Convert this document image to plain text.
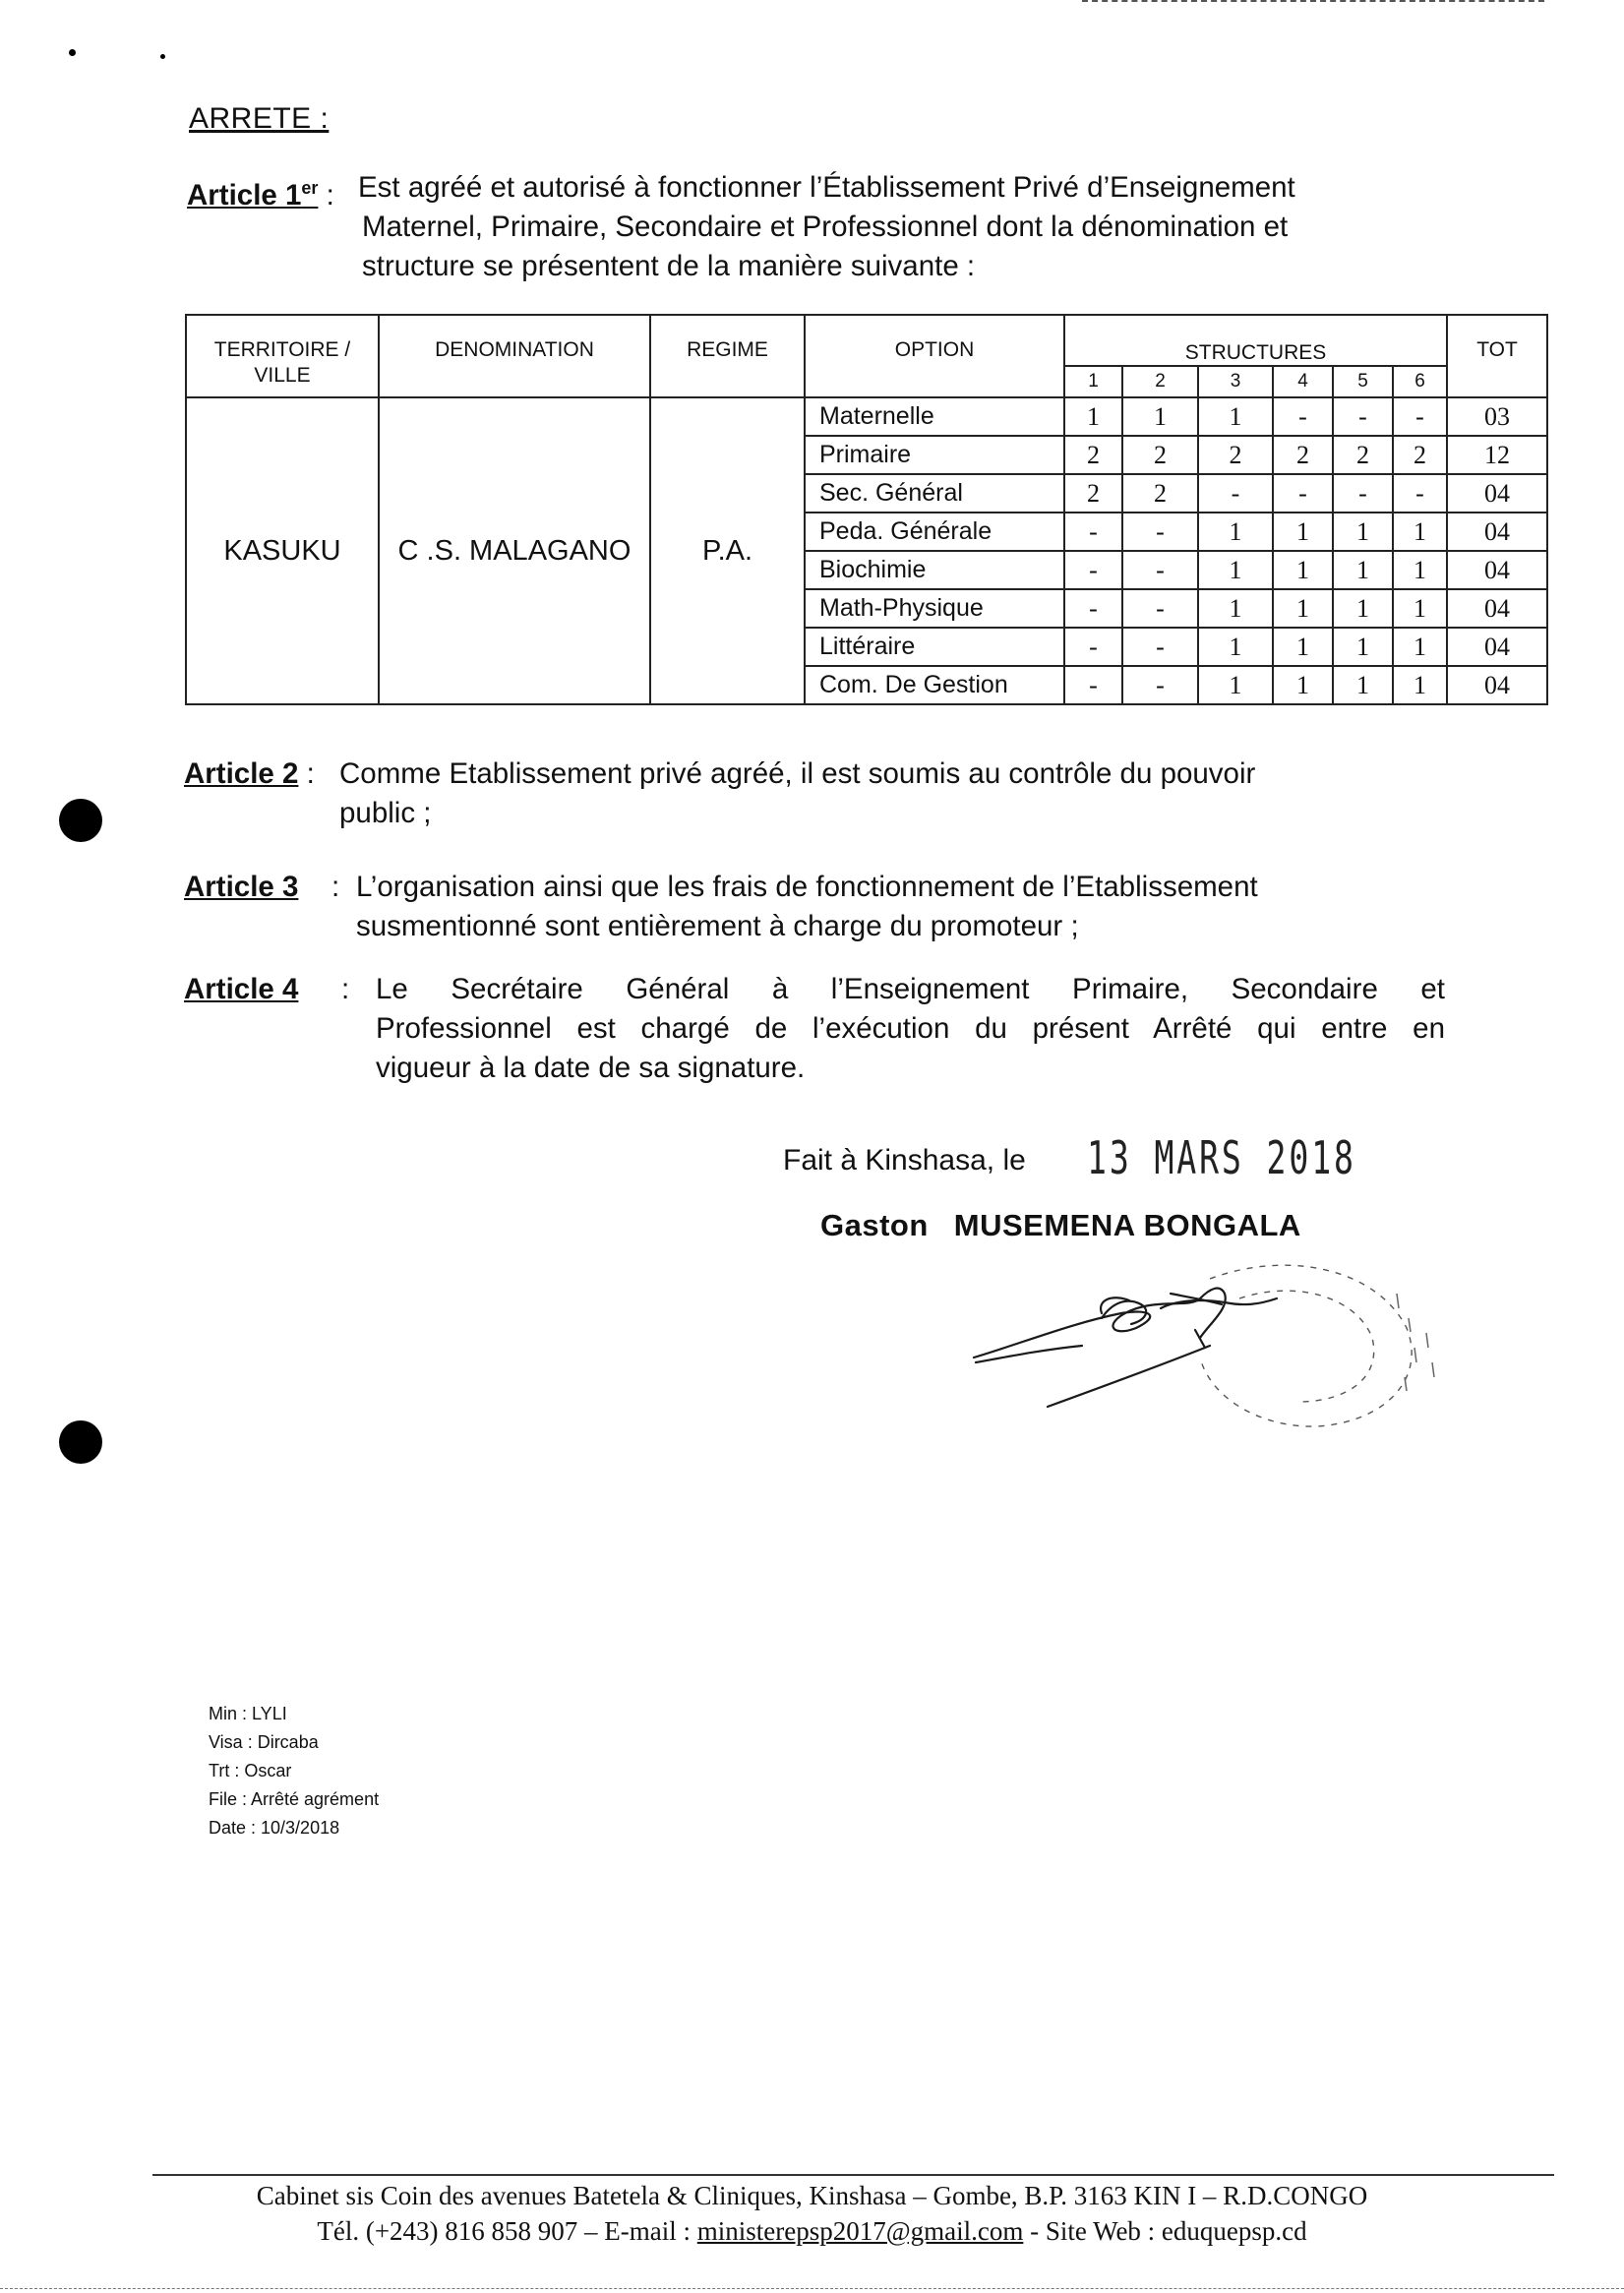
ARRETE :
Article 1er : Est agréé et autorisé à fonctionner l’Établissement Privé d’Enseignement
Maternel, Primaire, Secondaire et Professionnel dont la dénomination et
structure se présentent de la manière suivante :
TERRITOIRE / VILLE	DENOMINATION	REGIME	OPTION	STRUCTURES						TOT
				1	2	3	4	5	6	
KASUKU	C .S. MALAGANO	P.A.	Maternelle	1	1	1	-	-	-	03
			Primaire	2	2	2	2	2	2	12
			Sec. Général	2	2	-	-	-	-	04
			Peda. Générale	-	-	1	1	1	1	04
			Biochimie	-	-	1	1	1	1	04
			Math-Physique	-	-	1	1	1	1	04
			Littéraire	-	-	1	1	1	1	04
			Com. De Gestion	-	-	1	1	1	1	04
Article 2 : Comme Etablissement privé agréé, il est soumis au contrôle du pouvoir
public ;
Article 3 : L’organisation ainsi que les frais de fonctionnement de l’Etablissement
susmentionné sont entièrement à charge du promoteur ;
Article 4 : Le Secrétaire Général à l’Enseignement Primaire, Secondaire et
Professionnel est chargé de l’exécution du présent Arrêté qui entre en
vigueur à la date de sa signature.
Fait à Kinshasa, le 13 MARS 2018
Gaston MUSEMENA BONGALA
Min : LYLI
Visa : Dircaba
Trt : Oscar
File : Arrêté agrément
Date : 10/3/2018
Cabinet sis Coin des avenues Batetela & Cliniques, Kinshasa – Gombe, B.P. 3163 KIN I – R.D.CONGO
Tél. (+243) 816 858 907 – E-mail : ministerepsp2017@gmail.com - Site Web : eduquepsp.cd
